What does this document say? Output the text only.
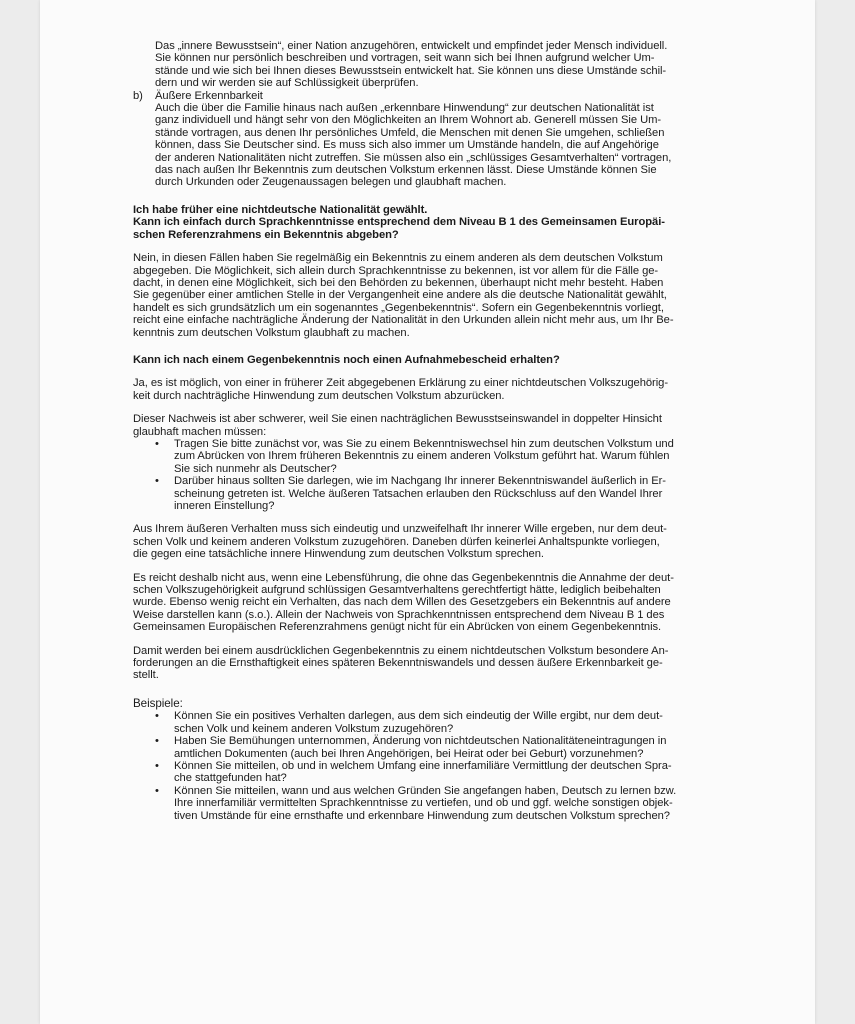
Das „innere Bewusstsein“, einer Nation anzugehören, entwickelt und empfindet jeder Mensch individuell.
Sie können nur persönlich beschreiben und vortragen, seit wann sich bei Ihnen aufgrund welcher Um-
stände und wie sich bei Ihnen dieses Bewusstsein entwickelt hat. Sie können uns diese Umstände schil-
dern und wir werden sie auf Schlüssigkeit überprüfen.

b) Äußere Erkennbarkeit
Auch die über die Familie hinaus nach außen „erkennbare Hinwendung“ zur deutschen Nationalität ist
ganz individuell und hängt sehr von den Möglichkeiten an Ihrem Wohnort ab. Generell müssen Sie Um-
stände vortragen, aus denen Ihr persönliches Umfeld, die Menschen mit denen Sie umgehen, schließen
können, dass Sie Deutscher sind. Es muss sich also immer um Umstände handeln, die auf Angehörige
der anderen Nationalitäten nicht zutreffen. Sie müssen also ein „schlüssiges Gesamtverhalten“ vortragen,
das nach außen Ihr Bekenntnis zum deutschen Volkstum erkennen lässt. Diese Umstände können Sie
durch Urkunden oder Zeugenaussagen belegen und glaubhaft machen.

Ich habe früher eine nichtdeutsche Nationalität gewählt.
Kann ich einfach durch Sprachkenntnisse entsprechend dem Niveau B 1 des Gemeinsamen Europäi-
schen Referenzrahmens ein Bekenntnis abgeben?

Nein, in diesen Fällen haben Sie regelmäßig ein Bekenntnis zu einem anderen als dem deutschen Volkstum
abgegeben. Die Möglichkeit, sich allein durch Sprachkenntnisse zu bekennen, ist vor allem für die Fälle ge-
dacht, in denen eine Möglichkeit, sich bei den Behörden zu bekennen, überhaupt nicht mehr besteht. Haben
Sie gegenüber einer amtlichen Stelle in der Vergangenheit eine andere als die deutsche Nationalität gewählt,
handelt es sich grundsätzlich um ein sogenanntes „Gegenbekenntnis“. Sofern ein Gegenbekenntnis vorliegt,
reicht eine einfache nachträgliche Änderung der Nationalität in den Urkunden allein nicht mehr aus, um Ihr Be-
kenntnis zum deutschen Volkstum glaubhaft zu machen.

Kann ich nach einem Gegenbekenntnis noch einen Aufnahmebescheid erhalten?

Ja, es ist möglich, von einer in früherer Zeit abgegebenen Erklärung zu einer nichtdeutschen Volkszugehörig-
keit durch nachträgliche Hinwendung zum deutschen Volkstum abzurücken.

Dieser Nachweis ist aber schwerer, weil Sie einen nachträglichen Bewusstseinswandel in doppelter Hinsicht
glaubhaft machen müssen:

• Tragen Sie bitte zunächst vor, was Sie zu einem Bekenntniswechsel hin zum deutschen Volkstum und
zum Abrücken von Ihrem früheren Bekenntnis zu einem anderen Volkstum geführt hat. Warum fühlen
Sie sich nunmehr als Deutscher?
• Darüber hinaus sollten Sie darlegen, wie im Nachgang Ihr innerer Bekenntniswandel äußerlich in Er-
scheinung getreten ist. Welche äußeren Tatsachen erlauben den Rückschluss auf den Wandel Ihrer
inneren Einstellung?

Aus Ihrem äußeren Verhalten muss sich eindeutig und unzweifelhaft Ihr innerer Wille ergeben, nur dem deut-
schen Volk und keinem anderen Volkstum zuzugehören. Daneben dürfen keinerlei Anhaltspunkte vorliegen,
die gegen eine tatsächliche innere Hinwendung zum deutschen Volkstum sprechen.

Es reicht deshalb nicht aus, wenn eine Lebensführung, die ohne das Gegenbekenntnis die Annahme der deut-
schen Volkszugehörigkeit aufgrund schlüssigen Gesamtverhaltens gerechtfertigt hätte, lediglich beibehalten
wurde. Ebenso wenig reicht ein Verhalten, das nach dem Willen des Gesetzgebers ein Bekenntnis auf andere
Weise darstellen kann (s.o.). Allein der Nachweis von Sprachkenntnissen entsprechend dem Niveau B 1 des
Gemeinsamen Europäischen Referenzrahmens genügt nicht für ein Abrücken von einem Gegenbekenntnis.

Damit werden bei einem ausdrücklichen Gegenbekenntnis zu einem nichtdeutschen Volkstum besondere An-
forderungen an die Ernsthaftigkeit eines späteren Bekenntniswandels und dessen äußere Erkennbarkeit ge-
stellt.

Beispiele:

• Können Sie ein positives Verhalten darlegen, aus dem sich eindeutig der Wille ergibt, nur dem deut-
schen Volk und keinem anderen Volkstum zuzugehören?
• Haben Sie Bemühungen unternommen, Änderung von nichtdeutschen Nationalitäteneintragungen in
amtlichen Dokumenten (auch bei Ihren Angehörigen, bei Heirat oder bei Geburt) vorzunehmen?
• Können Sie mitteilen, ob und in welchem Umfang eine innerfamiliäre Vermittlung der deutschen Spra-
che stattgefunden hat?
• Können Sie mitteilen, wann und aus welchen Gründen Sie angefangen haben, Deutsch zu lernen bzw.
Ihre innerfamiliär vermittelten Sprachkenntnisse zu vertiefen, und ob und ggf. welche sonstigen objek-
tiven Umstände für eine ernsthafte und erkennbare Hinwendung zum deutschen Volkstum sprechen?
